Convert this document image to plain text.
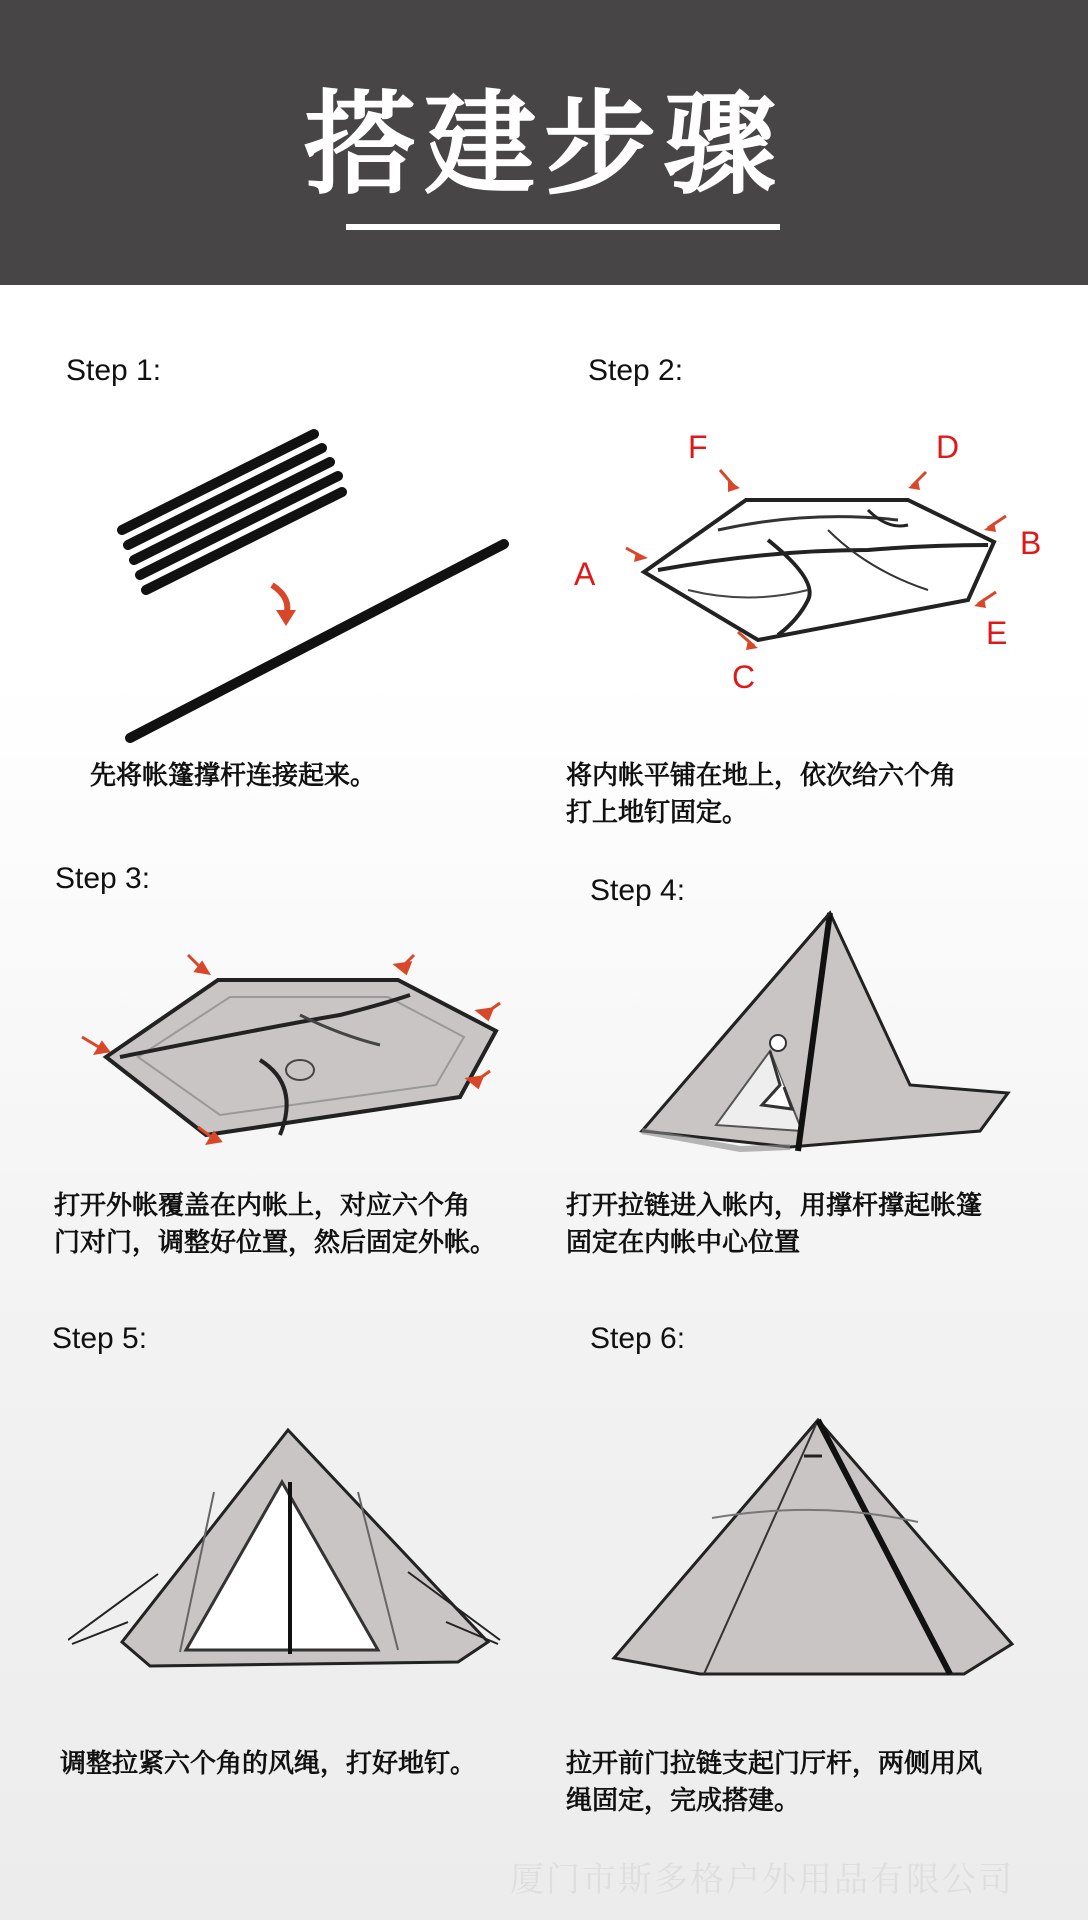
搭建步骤
Step 1:
先将帐篷撑杆连接起来。
Step 2:
F	D
A
B
E
C
将内帐平铺在地上，依次给六个角
打上地钉固定。
Step 3:
打开外帐覆盖在内帐上，对应六个角
门对门，调整好位置，然后固定外帐。
Step 4:
打开拉链进入帐内，用撑杆撑起帐篷
固定在内帐中心位置
Step 5:
调整拉紧六个角的风绳，打好地钉。
Step 6:
拉开前门拉链支起门厅杆，两侧用风
绳固定，完成搭建。
厦门市斯多格户外用品有限公司
